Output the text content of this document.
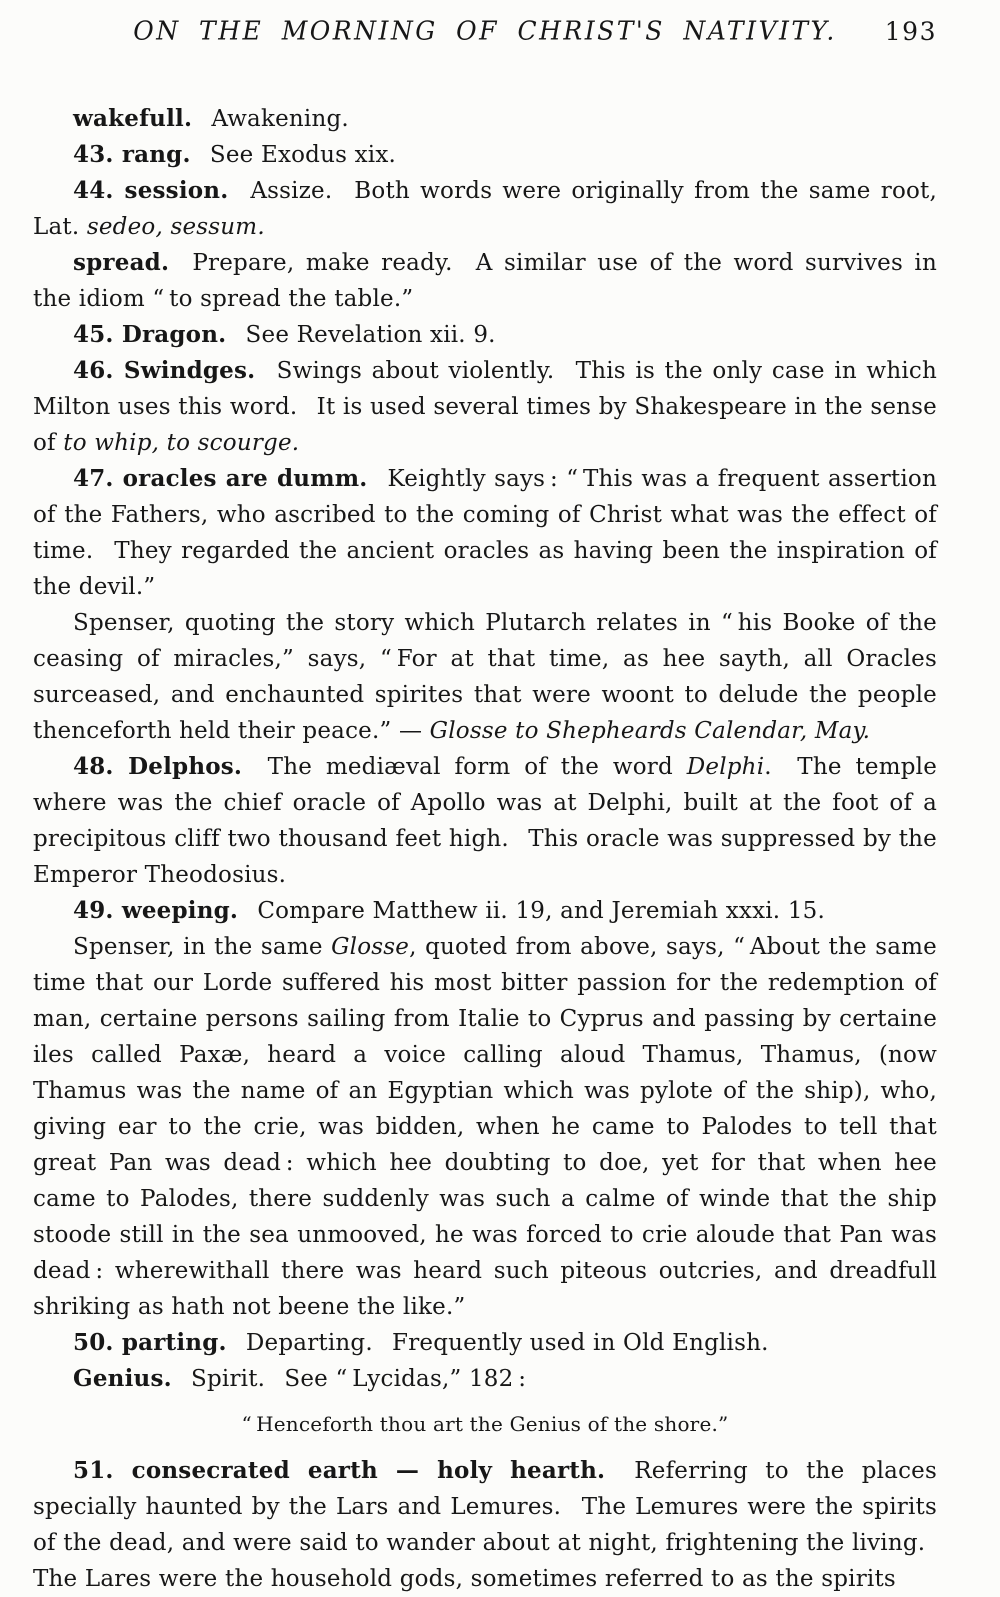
ON THE MORNING OF CHRIST'S NATIVITY. 193

wakefull.  Awakening.

43. rang.  See Exodus xix.

44. session.  Assize.  Both words were originally from the same root, Lat. sedeo, sessum.

spread.  Prepare, make ready.  A similar use of the word survives in the idiom “ to spread the table.”

45. Dragon.  See Revelation xii. 9.

46. Swindges.  Swings about violently.  This is the only case in which Milton uses this word.  It is used several times by Shakespeare in the sense of to whip, to scourge.

47. oracles are dumm.  Keightly says : “ This was a frequent assertion of the Fathers, who ascribed to the coming of Christ what was the effect of time.  They regarded the ancient oracles as having been the inspiration of the devil.”

Spenser, quoting the story which Plutarch relates in “ his Booke of the ceasing of miracles,” says, “ For at that time, as hee sayth, all Oracles surceased, and enchaunted spirites that were woont to delude the people thenceforth held their peace.” — Glosse to Shepheards Calendar, May.

48. Delphos.  The mediæval form of the word Delphi.  The temple where was the chief oracle of Apollo was at Delphi, built at the foot of a precipitous cliff two thousand feet high.  This oracle was suppressed by the Emperor Theodosius.

49. weeping.  Compare Matthew ii. 19, and Jeremiah xxxi. 15.

Spenser, in the same Glosse, quoted from above, says, “ About the same time that our Lorde suffered his most bitter passion for the redemption of man, certaine persons sailing from Italie to Cyprus and passing by certaine iles called Paxæ, heard a voice calling aloud Thamus, Thamus, (now Thamus was the name of an Egyptian which was pylote of the ship), who, giving ear to the crie, was bidden, when he came to Palodes to tell that great Pan was dead : which hee doubting to doe, yet for that when hee came to Palodes, there suddenly was such a calme of winde that the ship stoode still in the sea unmooved, he was forced to crie aloude that Pan was dead : wherewithall there was heard such piteous outcries, and dreadfull shriking as hath not beene the like.”

50. parting.  Departing.  Frequently used in Old English.

Genius.  Spirit.  See “ Lycidas,” 182 :

“ Henceforth thou art the Genius of the shore.”

51. consecrated earth — holy hearth.  Referring to the places specially haunted by the Lars and Lemures.  The Lemures were the spirits of the dead, and were said to wander about at night, frightening the living.  The Lares were the household gods, sometimes referred to as the spirits
